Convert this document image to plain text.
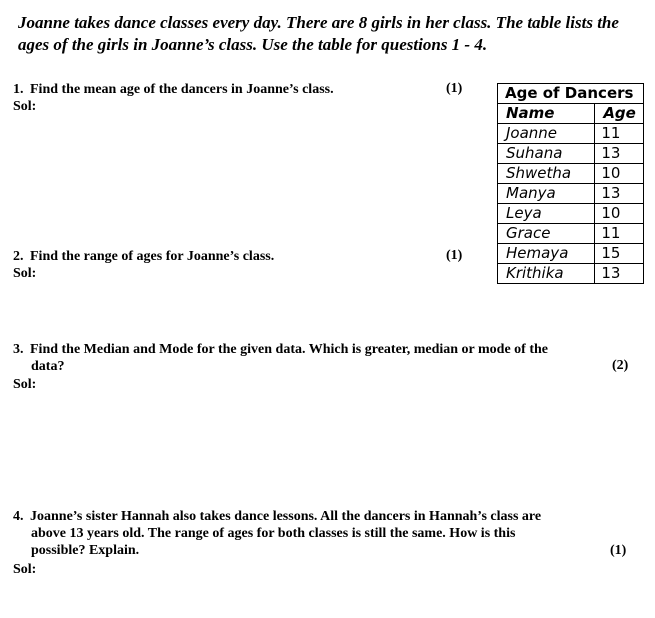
Joanne takes dance classes every day. There are 8 girls in her class. The table lists the ages of the girls in Joanne’s class. Use the table for questions 1 - 4.
1. Find the mean age of the dancers in Joanne’s class.	(1)
Sol:
2. Find the range of ages for Joanne’s class.	(1)
Sol:
3. Find the Median and Mode for the given data. Which is greater, median or mode of the
data?	(2)
Sol:
4. Joanne’s sister Hannah also takes dance lessons. All the dancers in Hannah’s class are
above 13 years old. The range of ages for both classes is still the same. How is this
possible? Explain.	(1)
Sol:
Age of Dancers	
Name	Age
Joanne	11
Suhana	13
Shwetha	10
Manya	13
Leya	10
Grace	11
Hemaya	15
Krithika	13
